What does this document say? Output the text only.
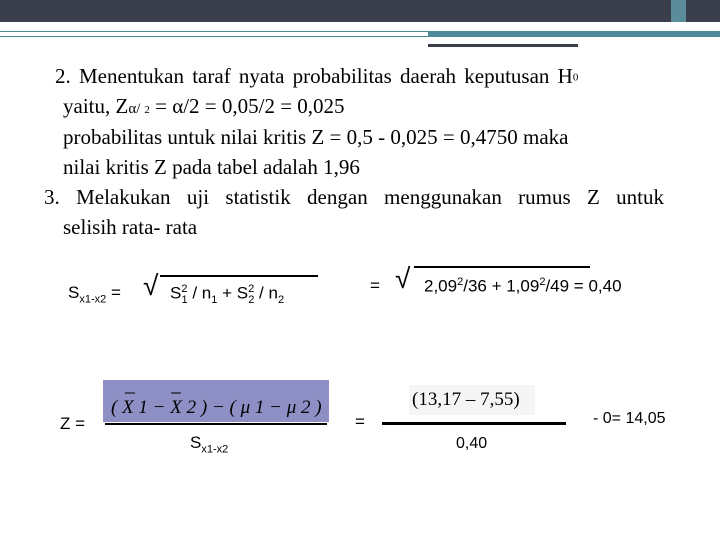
2. Menentukan taraf nyata probabilitas daerah keputusan H0
yaitu, Zα/ 2 = α/2 = 0,05/2 = 0,025
probabilitas untuk nilai kritis Z = 0,5 - 0,025 = 0,4750 maka
nilai kritis Z pada tabel adalah 1,96
3. Melakukan uji statistik dengan menggunakan rumus Z untuk
selisih rata- rata
$S_{x1-x2}$ = √ $S^2_1 / n_1 + S^2_2 / n_2$
= √ $2,09^2/36 + 1,09^2/49 = 0,40$
Z =
( X 1 − X 2 ) − ( μ 1 − μ 2 )
$S_{x1-x2}$
=
(13,17 – 7,55)
0,40
- 0= 14,05
